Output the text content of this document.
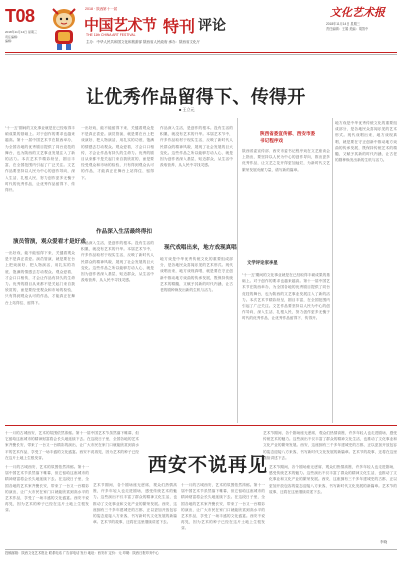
T08
2018年11月14日 星期三
责任编辑：
编辑：
2018 · 陕西 第十一届
中国艺术节 特刊 评论
THE 11th CHINA ART FESTIVAL
主办：中华人民共和国文化和旅游部 陕西省人民政府 承办：陕西省文化厅
文化艺术报
2018年11月14日 星期三
责任编辑：王娟 美编：胡智中
让优秀作品留得下、传得开
■ 王立元
“十一五”期间的文化事业就是在已经取得丰硕成果的基础上。对于创作的要求也越来越高。第十一届中国艺术节在陕西举办，为全国各地的优秀剧目提供了同台竞技的舞台，也为陕西的文艺事业发展注入了新的活力。本次艺术节精彩纷呈，剧目丰富，在全国范围内引起了广泛关注。文艺作品要坚持以人民为中心的创作导向，深入生活、扎根人民，努力创作更多无愧于时代的优秀作品，让优秀作品留得下、传得开。
演员管演，观众爱看才是好戏
一出好戏，能不能留得下来，关键看观众是不是真正喜爱。演员管演，就是要在台上把戏演好、把人物演活，用扎实的功底、饱满的情感去打动观众。观众爱看，才会口口相传，才会让作品有持久的生命力。优秀的剧目从来都不是关起门来自我欣赏的，而是要经受观众和市场的检验，只有得到观众认可的作品，才能真正在舞台上站得住、留得下。
一出好戏，能不能留得下来，关键看观众是不是真正喜爱。演员管演，就是要在台上把戏演好、把人物演活，用扎实的功底、饱满的情感去打动观众。观众爱看，才会口口相传，才会让作品有持久的生命力。优秀的剧目从来都不是关起门来自我欣赏的，而是要经受观众和市场的检验，只有得到观众认可的作品，才能真正在舞台上站得住、留得下。
作品深入生活最终得扣
作品深入生活，是创作的根本。没有生活的积累，就没有艺术的升华。本届艺术节中，许多作品取材于现实生活，反映了新时代人民群众的精神风貌，展现了社会发展的巨大变化。这些作品之所以能够打动人心，就是因为创作者深入基层、贴近群众，从生活中汲取营养，从人民中寻找灵感。
作品深入生活，是创作的根本。没有生活的积累，就没有艺术的升华。本届艺术节中，许多作品取材于现实生活，反映了新时代人民群众的精神风貌，展现了社会发展的巨大变化。这些作品之所以能够打动人心，就是因为创作者深入基层、贴近群众，从生活中汲取营养，从人民中寻找灵感。
现代戏唱出来，地方戏现真唱
地方戏是中华优秀传统文化的重要组成部分，是各地民众喜闻乐见的艺术形式。现代戏唱出来，地方戏现真唱，就是要在守正创新中推动地方戏曲的传承发展，既保持传统艺术的精髓，又赋予其新的时代内涵，让古老的剧种焕发出新的生机与活力。
陕西省委宣传部、西安市委
书记程序戏
陕西省委宣传部、西安市委书记程序戏在文艺座谈会上指出，要坚持以人民为中心的创作导向，推出更多优秀作品，让文艺之花开得更加灿烂，为新时代文艺繁荣发展贡献力量，谱写新的篇章。
文学评论家李星
“十一五”期间的文化事业就是在已经取得丰硕成果的基础上。对于创作的要求也越来越高。第十一届中国艺术节在陕西举办，为全国各地的优秀剧目提供了同台竞技的舞台，也为陕西的文艺事业发展注入了新的活力。本次艺术节精彩纷呈，剧目丰富，在全国范围内引起了广泛关注。文艺作品要坚持以人民为中心的创作导向，深入生活、扎根人民，努力创作更多无愧于时代的优秀作品，让优秀作品留得下、传得开。
地方戏是中华优秀传统文化的重要组成部分，是各地民众喜闻乐见的艺术形式。现代戏唱出来，地方戏现真唱，就是要在守正创新中推动地方戏曲的传承发展，既保持传统艺术的精髓，又赋予其新的时代内涵，让古老的剧种焕发出新的生机与活力。
十一月的古城西安，艺术的氛围依然浓郁。第十一届中国艺术节虽然落下帷幕，但它留给这座城市的精神财富将会长久地延续下去。在这段日子里，全国各地的艺术家齐聚长安，带来了一台又一台精彩的演出，让广大市民在家门口就能欣赏到高水平的艺术作品，享受了一场丰盛的文化盛宴。西安不说再见，因为艺术的种子已经在这片土地上生根发芽。
艺术节期间，各个剧场座无虚席，观众们热情高涨，许多年轻人也走进剧场，感受传统艺术的魅力。这些演出不仅丰富了群众的精神文化生活，也推动了文化事业和文化产业的繁荣发展。西安，这座拥有三千多年建城史的古都，正以更加开放包容的姿态迎接八方来客，书写新时代文化发展的新篇章。艺术节的故事，还将在这里继续讲述下去。
西安不说再见
十一月的古城西安，艺术的氛围依然浓郁。第十一届中国艺术节虽然落下帷幕，但它留给这座城市的精神财富将会长久地延续下去。在这段日子里，全国各地的艺术家齐聚长安，带来了一台又一台精彩的演出，让广大市民在家门口就能欣赏到高水平的艺术作品，享受了一场丰盛的文化盛宴。西安不说再见，因为艺术的种子已经在这片土地上生根发芽。
艺术节期间，各个剧场座无虚席，观众们热情高涨，许多年轻人也走进剧场，感受传统艺术的魅力。这些演出不仅丰富了群众的精神文化生活，也推动了文化事业和文化产业的繁荣发展。西安，这座拥有三千多年建城史的古都，正以更加开放包容的姿态迎接八方来客，书写新时代文化发展的新篇章。艺术节的故事，还将在这里继续讲述下去。
十一月的古城西安，艺术的氛围依然浓郁。第十一届中国艺术节虽然落下帷幕，但它留给这座城市的精神财富将会长久地延续下去。在这段日子里，全国各地的艺术家齐聚长安，带来了一台又一台精彩的演出，让广大市民在家门口就能欣赏到高水平的艺术作品，享受了一场丰盛的文化盛宴。西安不说再见，因为艺术的种子已经在这片土地上生根发芽。
艺术节期间，各个剧场座无虚席，观众们热情高涨，许多年轻人也走进剧场，感受传统艺术的魅力。这些演出不仅丰富了群众的精神文化生活，也推动了文化事业和文化产业的繁荣发展。西安，这座拥有三千多年建城史的古都，正以更加开放包容的姿态迎接八方来客，书写新时代文化发展的新篇章。艺术节的故事，还将在这里继续讲述下去。
李晓
投稿邮箱：陕西文化艺术报社 联系电话 广告部电话 发行 地址：西安市 定价：元 印刷：陕西日报印务中心
